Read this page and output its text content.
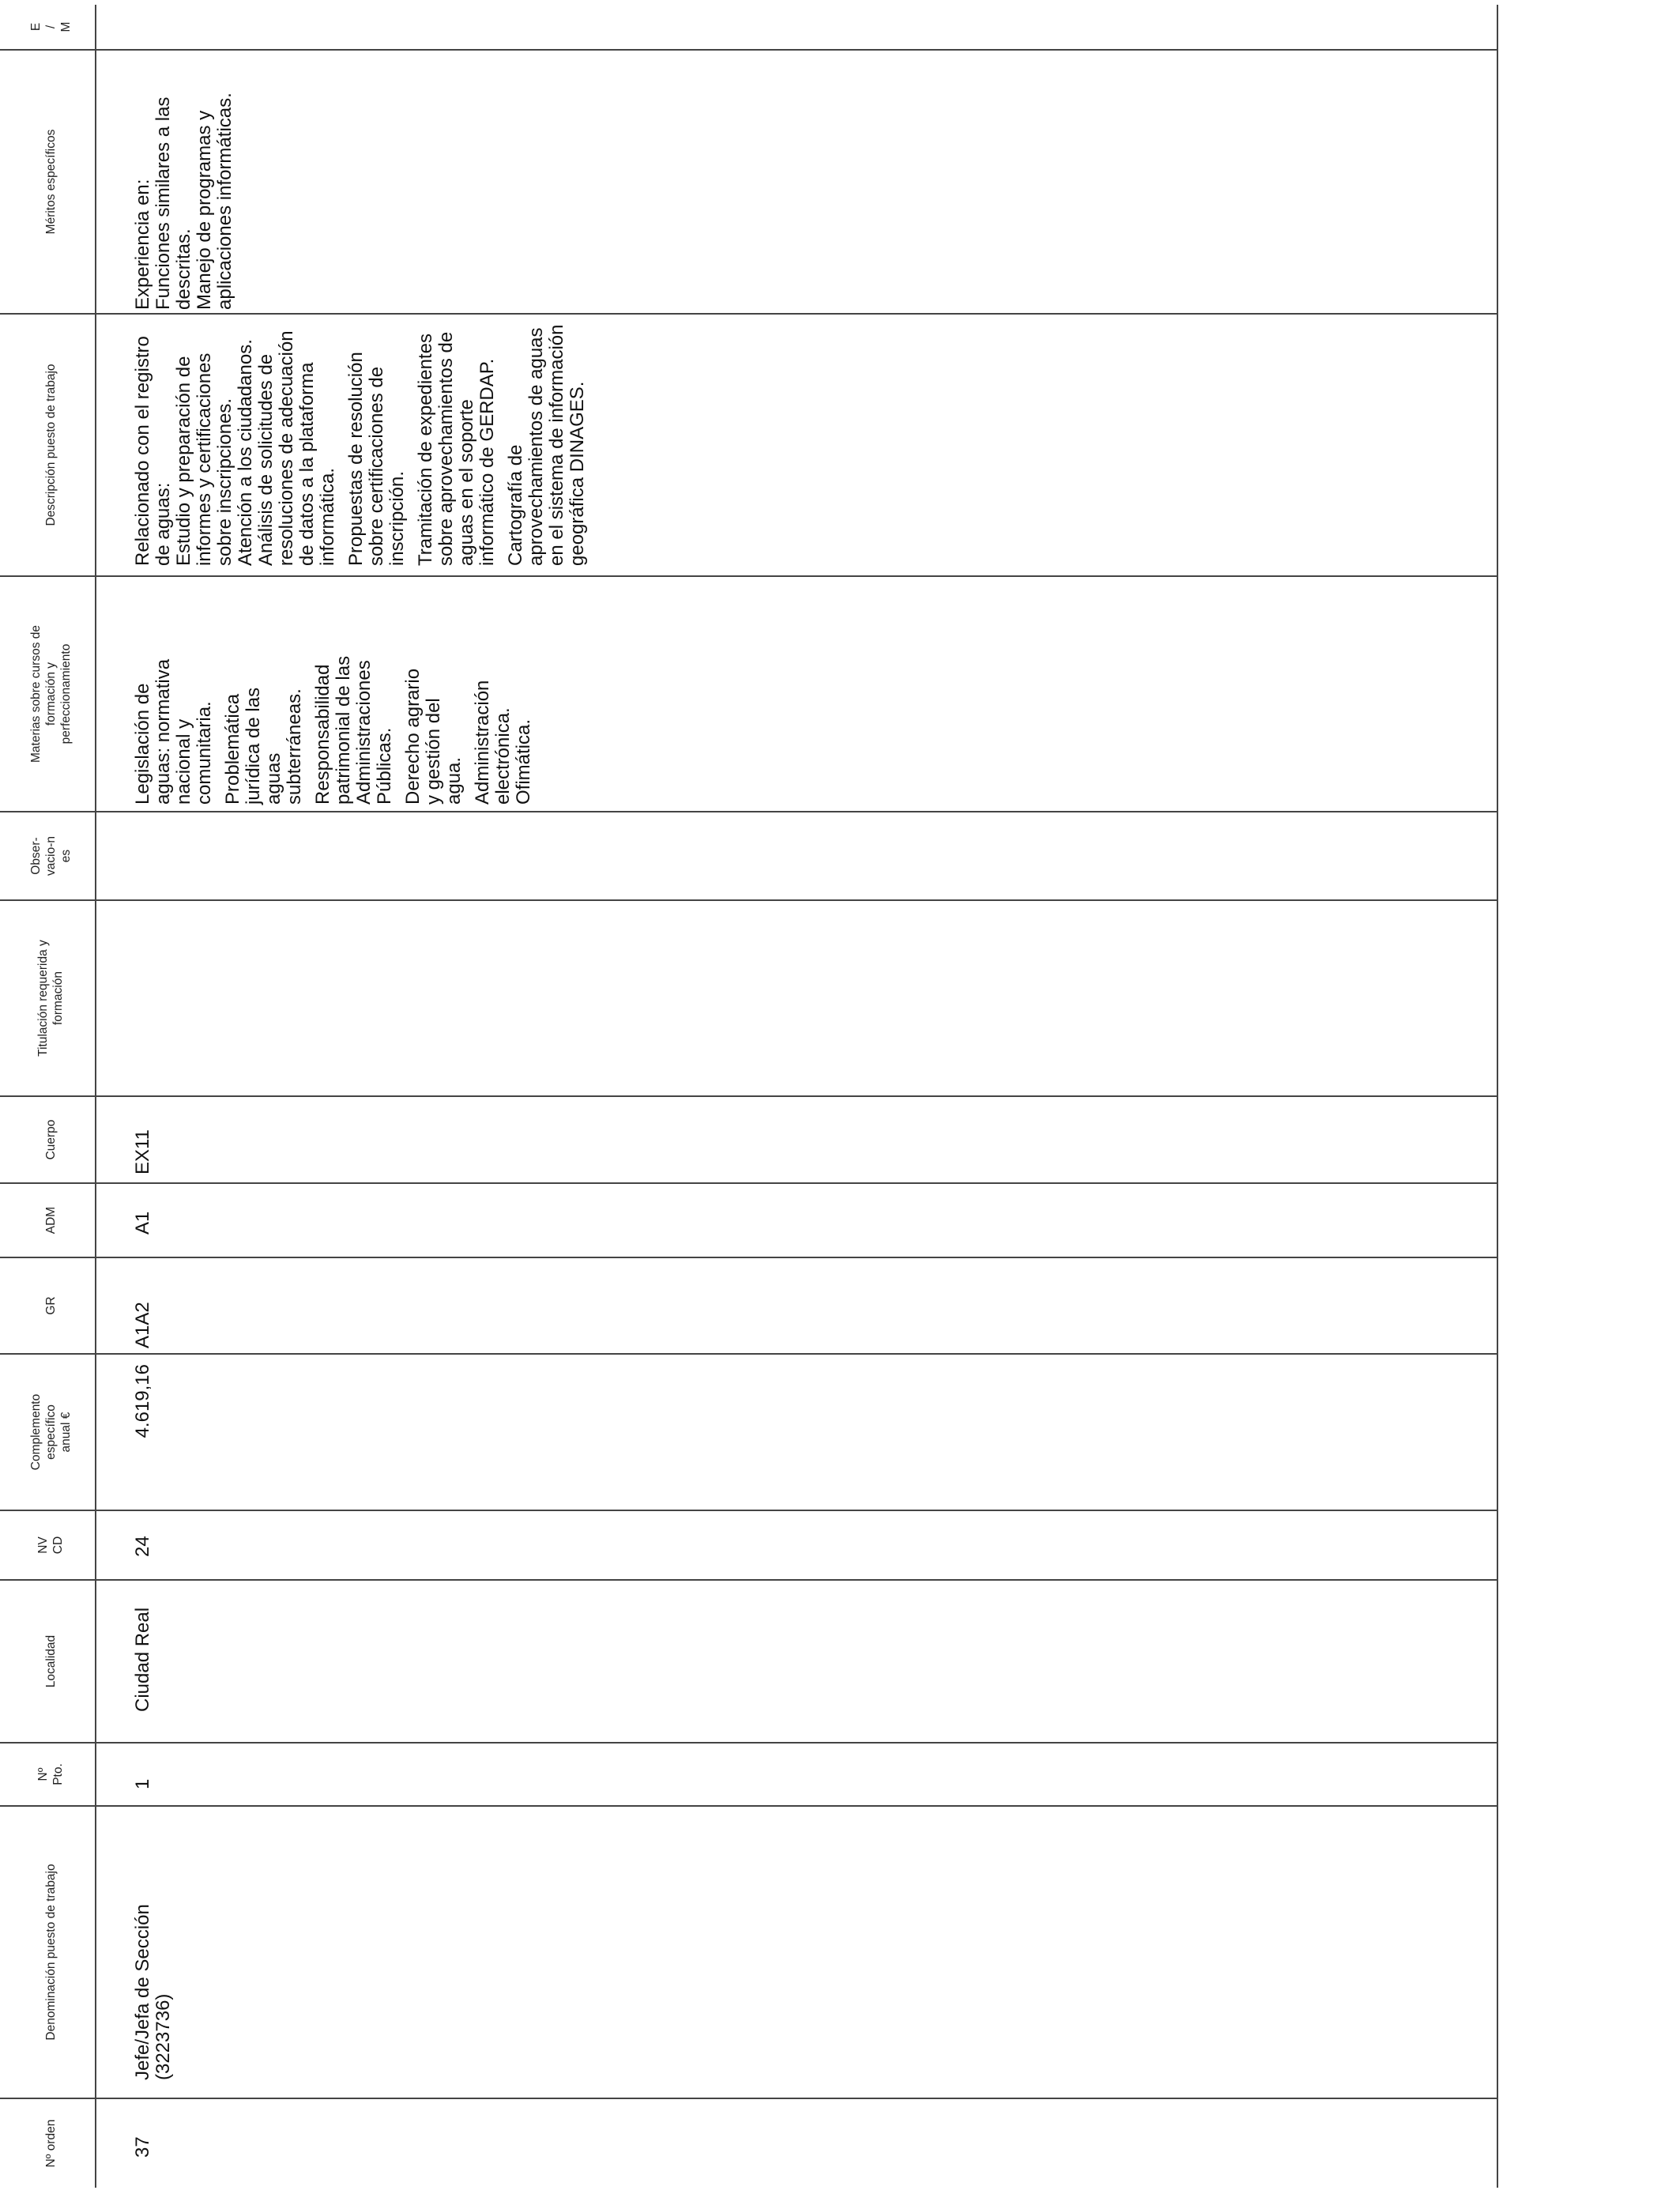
Nº orden
Denominación puesto de trabajo
Nº Pto.
Localidad
NV CD
Complemento específico anual €
GR
ADM
Cuerpo
Titulación requerida y formación
Obser-vacio-nes
Materias sobre cursos de formación y perfeccionamiento
Descripción puesto de trabajo
Méritos específicos
E / M
37
Jefe/Jefa de Sección (3223736)
1
Ciudad Real
24
4.619,16
A1A2
A1
EX11

Legislación de aguas: normativa nacional y comunitaria. Problemática jurídica de las aguas subterráneas. Responsabilidad patrimonial de las Administraciones Públicas. Derecho agrario y gestión del agua. Administración electrónica. Ofimática.

Relacionado con el registro de aguas: Estudio y preparación de informes y certificaciones sobre inscripciones. Atención a los ciudadanos. Análisis de solicitudes de resoluciones de adecuación de datos a la plataforma informática. Propuestas de resolución sobre certificaciones de inscripción. Tramitación de expedientes sobre aprovechamientos de aguas en el soporte informático de GERDAP. Cartografía de aprovechamientos de aguas en el sistema de información geográfica DINAGES.

Experiencia en: Funciones similares a las descritas. Manejo de programas y aplicaciones informáticas.
